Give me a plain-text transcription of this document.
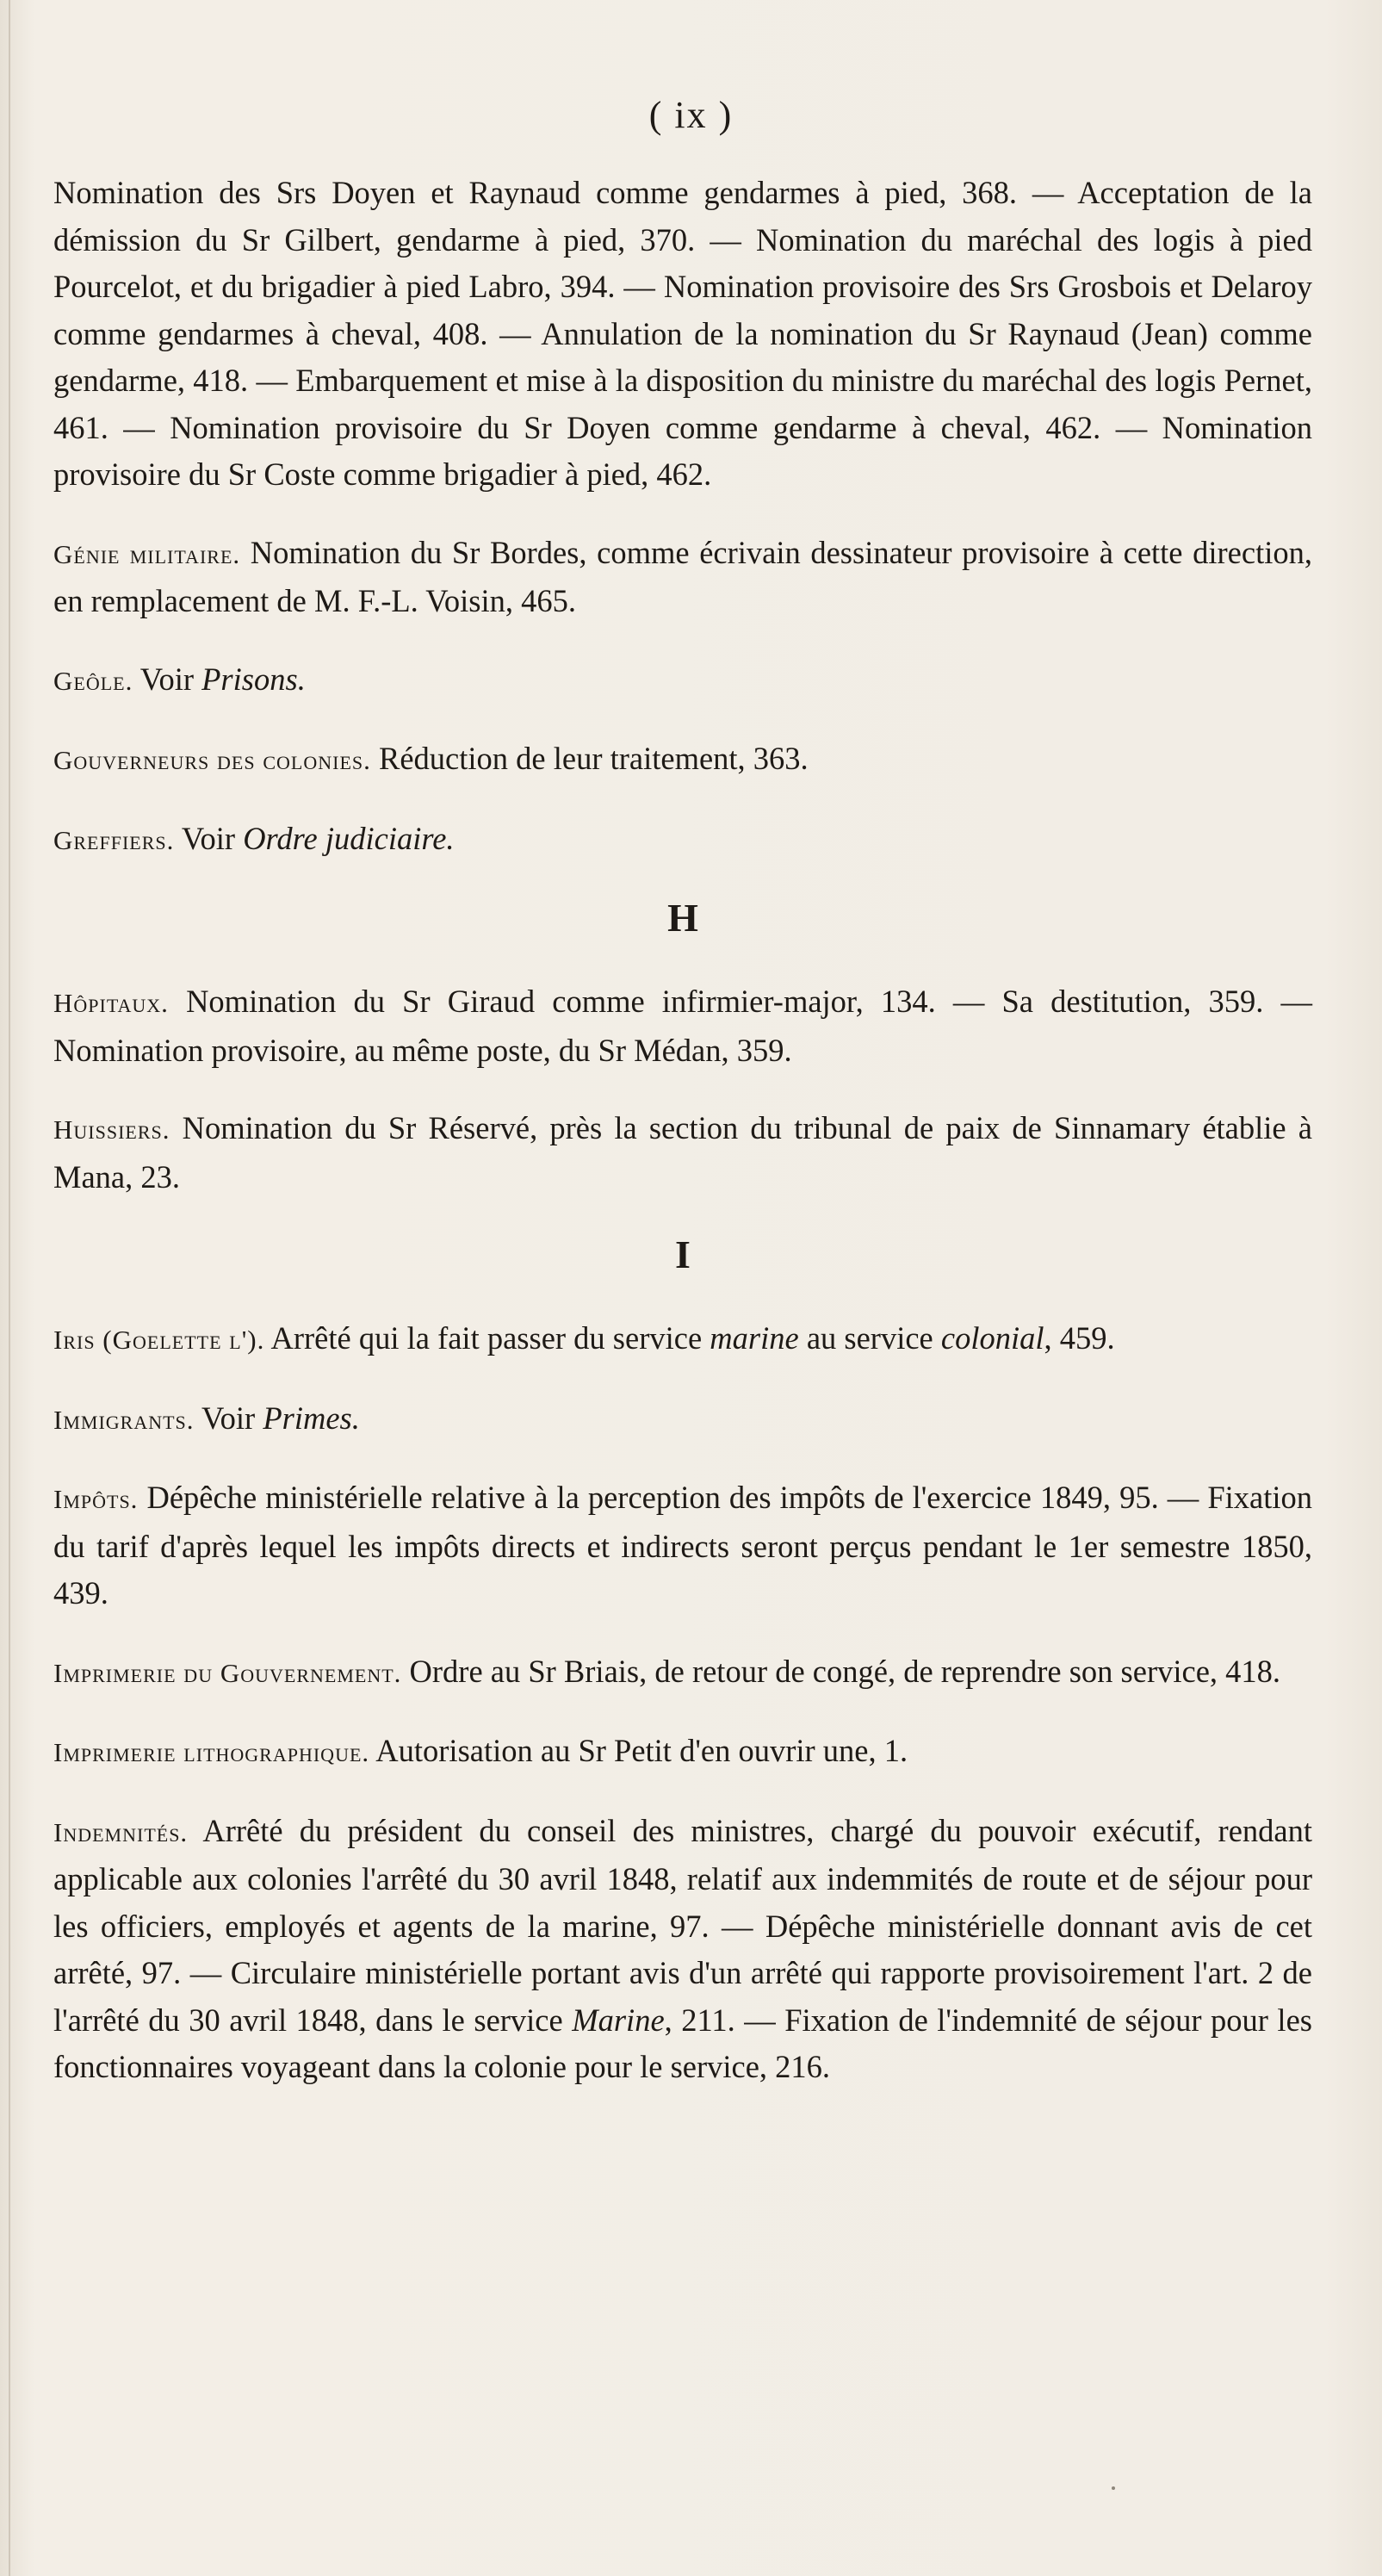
( ix )
Nomination des Srs Doyen et Raynaud comme gendarmes à pied, 368. — Acceptation de la démission du Sr Gilbert, gendarme à pied, 370. — Nomination du maréchal des logis à pied Pourcelot, et du brigadier à pied Labro, 394. — Nomination provisoire des Srs Grosbois et Delaroy comme gendarmes à cheval, 408. — Annulation de la nomination du Sr Raynaud (Jean) comme gendarme, 418. — Embarquement et mise à la disposition du ministre du maréchal des logis Pernet, 461. — Nomination provisoire du Sr Doyen comme gendarme à cheval, 462. — Nomination provisoire du Sr Coste comme brigadier à pied, 462.
Génie militaire. Nomination du Sr Bordes, comme écrivain dessinateur provisoire à cette direction, en remplacement de M. F.-L. Voisin, 465.
Geôle. Voir Prisons.
Gouverneurs des colonies. Réduction de leur traitement, 363.
Greffiers. Voir Ordre judiciaire.
H
Hôpitaux. Nomination du Sr Giraud comme infirmier-major, 134. — Sa destitution, 359. — Nomination provisoire, au même poste, du Sr Médan, 359.
Huissiers. Nomination du Sr Réservé, près la section du tribunal de paix de Sinnamary établie à Mana, 23.
I
Iris (Goelette l'). Arrêté qui la fait passer du service marine au service colonial, 459.
Immigrants. Voir Primes.
Impôts. Dépêche ministérielle relative à la perception des impôts de l'exercice 1849, 95. — Fixation du tarif d'après lequel les impôts directs et indirects seront perçus pendant le 1er semestre 1850, 439.
Imprimerie du Gouvernement. Ordre au Sr Briais, de retour de congé, de reprendre son service, 418.
Imprimerie lithographique. Autorisation au Sr Petit d'en ouvrir une, 1.
Indemnités. Arrêté du président du conseil des ministres, chargé du pouvoir exécutif, rendant applicable aux colonies l'arrêté du 30 avril 1848, relatif aux indemmités de route et de séjour pour les officiers, employés et agents de la marine, 97. — Dépêche ministérielle donnant avis de cet arrêté, 97. — Circulaire ministérielle portant avis d'un arrêté qui rapporte provisoirement l'art. 2 de l'arrêté du 30 avril 1848, dans le service Marine, 211. — Fixation de l'indemnité de séjour pour les fonctionnaires voyageant dans la colonie pour le service, 216.
